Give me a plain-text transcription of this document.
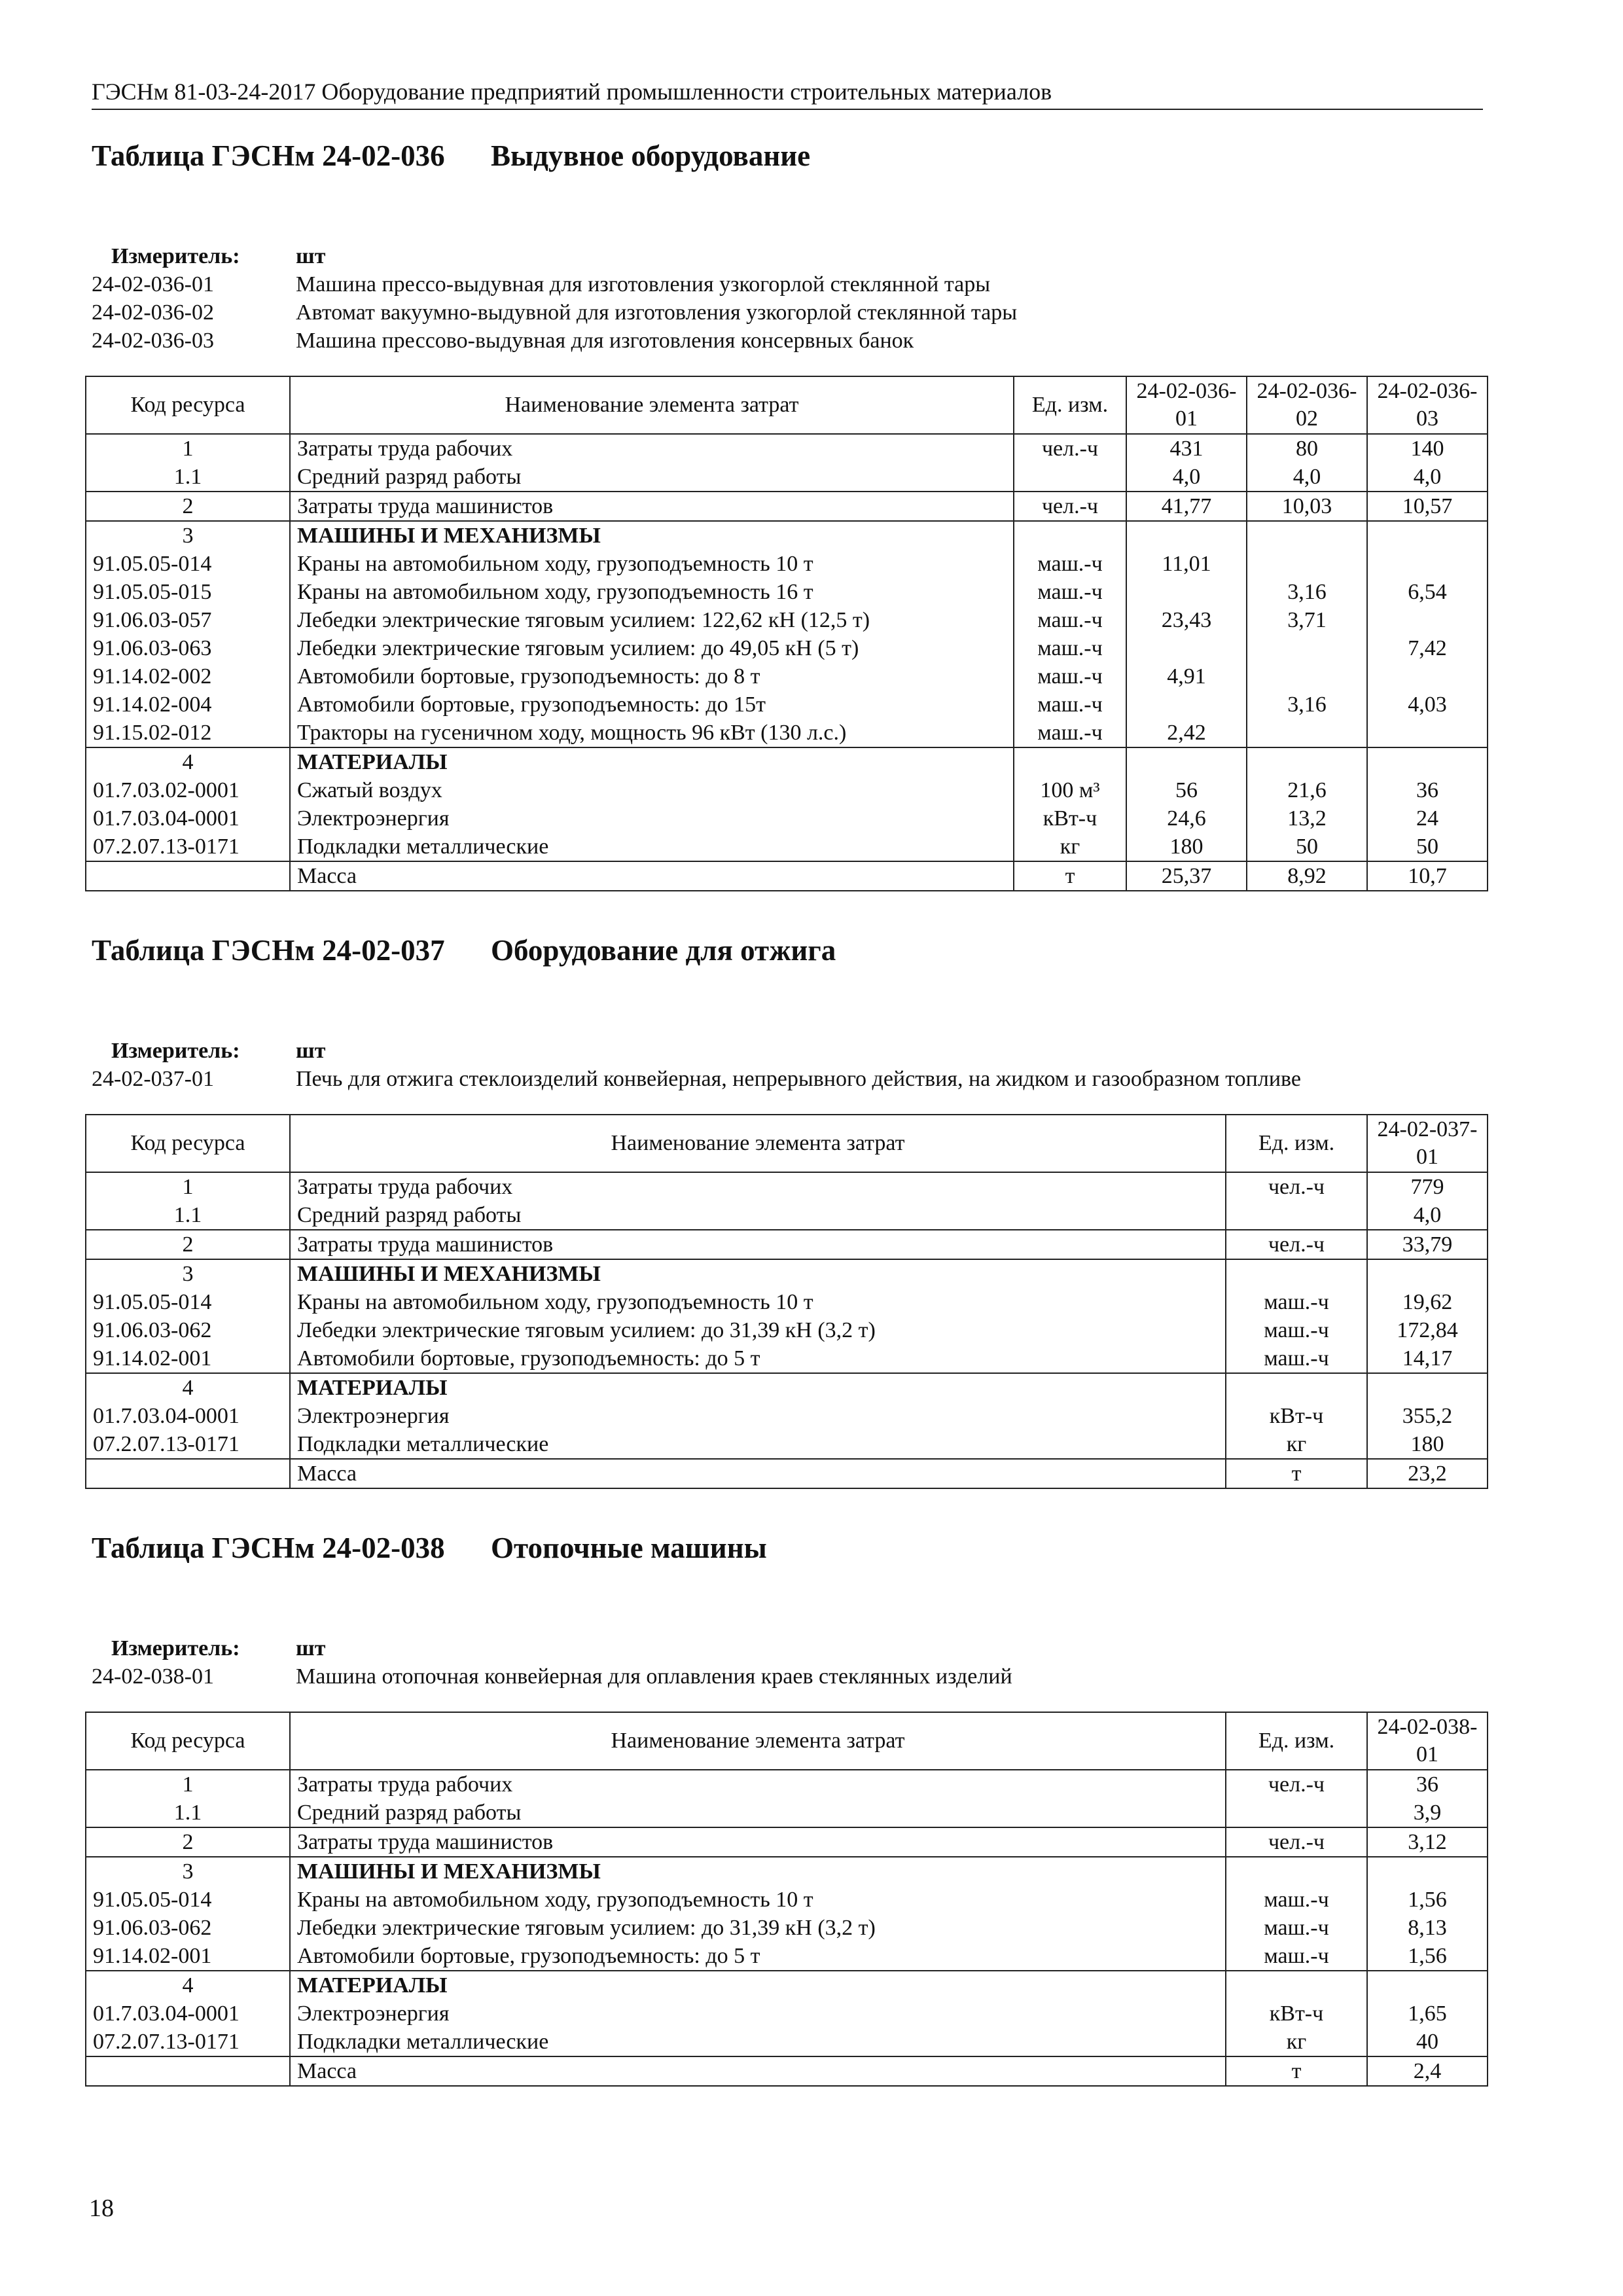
ГЭСНм 81-03-24-2017 Оборудование предприятий промышленности строительных материалов
Таблица ГЭСНм 24-02-036	Выдувное оборудование
Измеритель:	шт
24-02-036-01	Машина прессо-выдувная для изготовления узкогорлой стеклянной тары
24-02-036-02	Автомат вакуумно-выдувной для изготовления узкогорлой стеклянной тары
24-02-036-03	Машина прессово-выдувная для изготовления консервных банок
Код ресурса	Наименование элемента затрат	Ед. изм.	24-02-036-01	24-02-036-02	24-02-036-03
1	Затраты труда рабочих	чел.-ч	431	80	140
1.1	Средний разряд работы		4,0	4,0	4,0
2	Затраты труда машинистов	чел.-ч	41,77	10,03	10,57
3	МАШИНЫ И МЕХАНИЗМЫ				
91.05.05-014	Краны на автомобильном ходу, грузоподъемность 10 т	маш.-ч	11,01		
91.05.05-015	Краны на автомобильном ходу, грузоподъемность 16 т	маш.-ч		3,16	6,54
91.06.03-057	Лебедки электрические тяговым усилием: 122,62 кН (12,5 т)	маш.-ч	23,43	3,71	
91.06.03-063	Лебедки электрические тяговым усилием: до 49,05 кН (5 т)	маш.-ч			7,42
91.14.02-002	Автомобили бортовые, грузоподъемность: до 8 т	маш.-ч	4,91		
91.14.02-004	Автомобили бортовые, грузоподъемность: до 15т	маш.-ч		3,16	4,03
91.15.02-012	Тракторы на гусеничном ходу, мощность 96 кВт (130 л.с.)	маш.-ч	2,42		
4	МАТЕРИАЛЫ				
01.7.03.02-0001	Сжатый воздух	100 м³	56	21,6	36
01.7.03.04-0001	Электроэнергия	кВт-ч	24,6	13,2	24
07.2.07.13-0171	Подкладки металлические	кг	180	50	50
	Масса	т	25,37	8,92	10,7
Таблица ГЭСНм 24-02-037	Оборудование для отжига
Измеритель:	шт
24-02-037-01	Печь для отжига стеклоизделий конвейерная, непрерывного действия, на жидком и газообразном топливе
Код ресурса	Наименование элемента затрат	Ед. изм.	24-02-037-01
1	Затраты труда рабочих	чел.-ч	779
1.1	Средний разряд работы		4,0
2	Затраты труда машинистов	чел.-ч	33,79
3	МАШИНЫ И МЕХАНИЗМЫ		
91.05.05-014	Краны на автомобильном ходу, грузоподъемность 10 т	маш.-ч	19,62
91.06.03-062	Лебедки электрические тяговым усилием: до 31,39 кН (3,2 т)	маш.-ч	172,84
91.14.02-001	Автомобили бортовые, грузоподъемность: до 5 т	маш.-ч	14,17
4	МАТЕРИАЛЫ		
01.7.03.04-0001	Электроэнергия	кВт-ч	355,2
07.2.07.13-0171	Подкладки металлические	кг	180
	Масса	т	23,2
Таблица ГЭСНм 24-02-038	Отопочные машины
Измеритель:	шт
24-02-038-01	Машина отопочная конвейерная для оплавления краев стеклянных изделий
Код ресурса	Наименование элемента затрат	Ед. изм.	24-02-038-01
1	Затраты труда рабочих	чел.-ч	36
1.1	Средний разряд работы		3,9
2	Затраты труда машинистов	чел.-ч	3,12
3	МАШИНЫ И МЕХАНИЗМЫ		
91.05.05-014	Краны на автомобильном ходу, грузоподъемность 10 т	маш.-ч	1,56
91.06.03-062	Лебедки электрические тяговым усилием: до 31,39 кН (3,2 т)	маш.-ч	8,13
91.14.02-001	Автомобили бортовые, грузоподъемность: до 5 т	маш.-ч	1,56
4	МАТЕРИАЛЫ		
01.7.03.04-0001	Электроэнергия	кВт-ч	1,65
07.2.07.13-0171	Подкладки металлические	кг	40
	Масса	т	2,4
18
